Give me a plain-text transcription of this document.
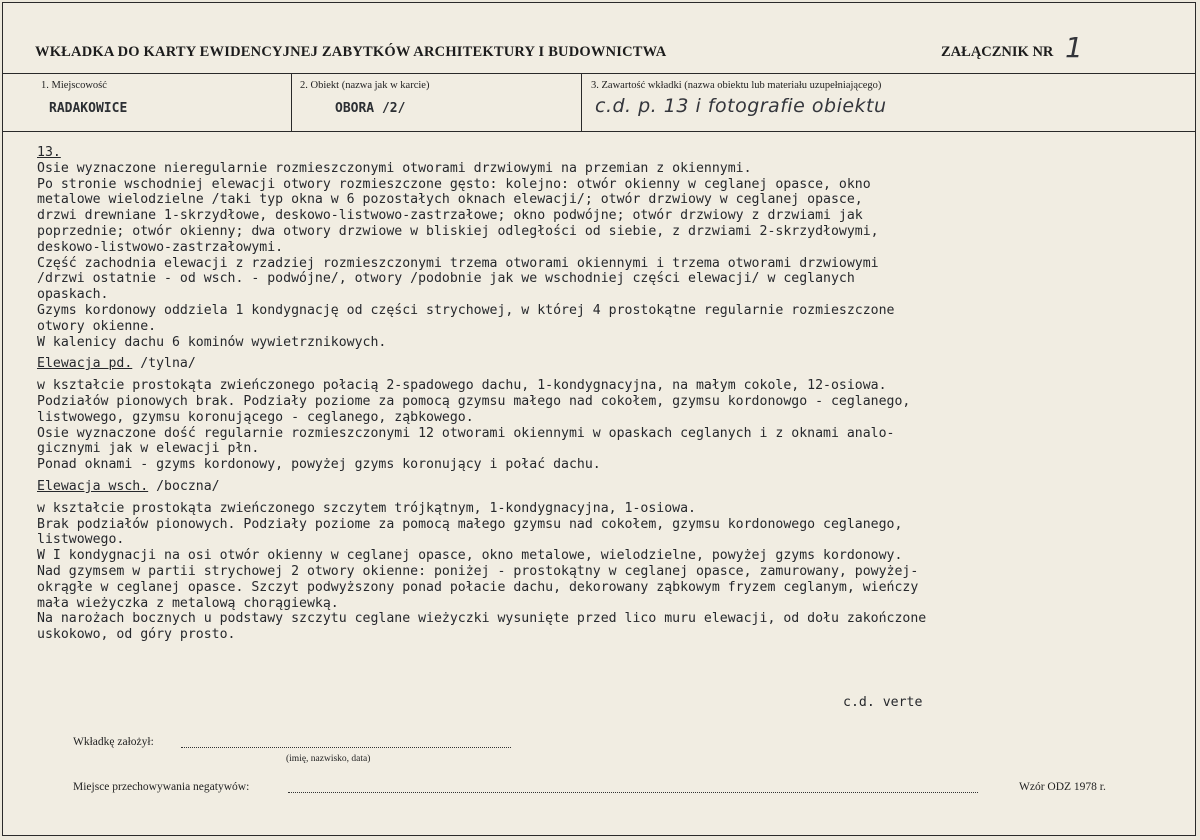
WKŁADKA DO KARTY EWIDENCYJNEJ ZABYTKÓW ARCHITEKTURY I BUDOWNICTWA	ZAŁĄCZNIK NR 1
1. Miejscowość
RADAKOWICE
2. Obiekt (nazwa jak w karcie)
OBORA /2/
3. Zawartość wkładki (nazwa obiektu lub materiału uzupełniającego)
c.d. p. 13 i fotografie obiektu
13.
Osie wyznaczone nieregularnie rozmieszczonymi otworami drzwiowymi na przemian z okiennymi.
Po stronie wschodniej elewacji otwory rozmieszczone gęsto: kolejno: otwór okienny w ceglanej opasce, okno
metalowe wielodzielne /taki typ okna w 6 pozostałych oknach elewacji/; otwór drzwiowy w ceglanej opasce,
drzwi drewniane 1-skrzydłowe, deskowo-listwowo-zastrzałowe; okno podwójne; otwór drzwiowy z drzwiami jak
poprzednie; otwór okienny; dwa otwory drzwiowe w bliskiej odległości od siebie, z drzwiami 2-skrzydłowymi,
deskowo-listwowo-zastrzałowymi.
Część zachodnia elewacji z rzadziej rozmieszczonymi trzema otworami okiennymi i trzema otworami drzwiowymi
/drzwi ostatnie - od wsch. - podwójne/, otwory /podobnie jak we wschodniej części elewacji/ w ceglanych
opaskach.
Gzyms kordonowy oddziela 1 kondygnację od części strychowej, w której 4 prostokątne regularnie rozmieszczone
otwory okienne.
W kalenicy dachu 6 kominów wywietrznikowych.
Elewacja pd. /tylna/
w kształcie prostokąta zwieńczonego połacią 2-spadowego dachu, 1-kondygnacyjna, na małym cokole, 12-osiowa.
Podziałów pionowych brak. Podziały poziome za pomocą gzymsu małego nad cokołem, gzymsu kordonowgo - ceglanego,
listwowego, gzymsu koronującego - ceglanego, ząbkowego.
Osie wyznaczone dość regularnie rozmieszczonymi 12 otworami okiennymi w opaskach ceglanych i z oknami analo-
gicznymi jak w elewacji płn.
Ponad oknami - gzyms kordonowy, powyżej gzyms koronujący i połać dachu.
Elewacja wsch. /boczna/
w kształcie prostokąta zwieńczonego szczytem trójkątnym, 1-kondygnacyjna, 1-osiowa.
Brak podziałów pionowych. Podziały poziome za pomocą małego gzymsu nad cokołem, gzymsu kordonowego ceglanego,
listwowego.
W I kondygnacji na osi otwór okienny w ceglanej opasce, okno metalowe, wielodzielne, powyżej gzyms kordonowy.
Nad gzymsem w partii strychowej 2 otwory okienne: poniżej - prostokątny w ceglanej opasce, zamurowany, powyżej-
okrągłe w ceglanej opasce. Szczyt podwyższony ponad połacie dachu, dekorowany ząbkowym fryzem ceglanym, wieńczy
mała wieżyczka z metalową chorągiewką.
Na narożach bocznych u podstawy szczytu ceglane wieżyczki wysunięte przed lico muru elewacji, od dołu zakończone
uskokowo, od góry prosto.
c.d. verte
Wkładkę założył:
(imię, nazwisko, data)
Miejsce przechowywania negatywów:	Wzór ODZ 1978 r.
